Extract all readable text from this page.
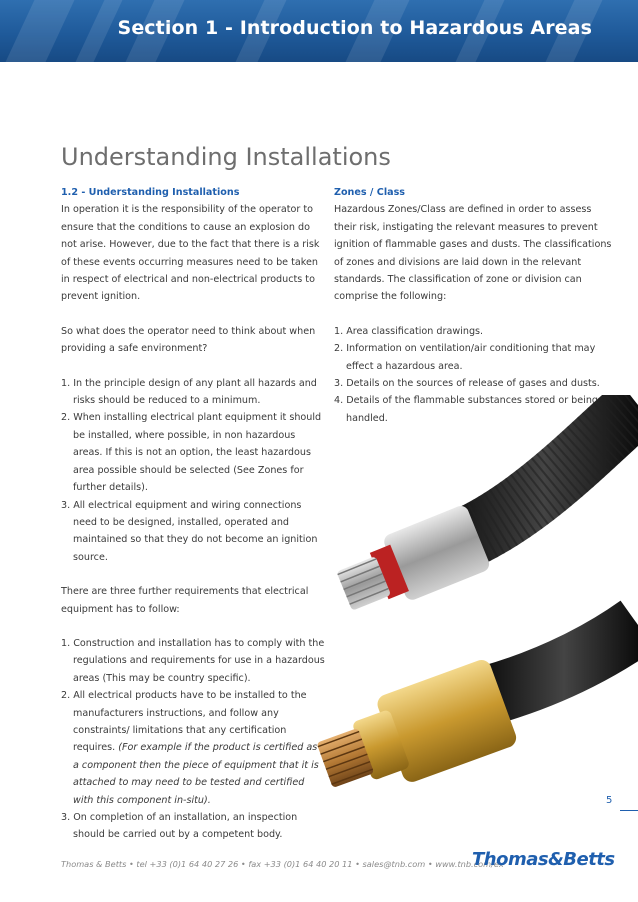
Section 1 - Introduction to Hazardous Areas
Understanding Installations

1.2 - Understanding Installations

In operation it is the responsibility of the operator to ensure that the conditions to cause an explosion do not arise. However, due to the fact that there is a risk of these events occurring measures need to be taken in respect of electrical and non-electrical products to prevent ignition.

So what does the operator need to think about when providing a safe environment?

1. In the principle design of any plant all hazards and risks should be reduced to a minimum.

2. When installing electrical plant equipment it should be installed, where possible, in non hazardous areas. If this is not an option, the least hazardous area possible should be selected (See Zones for further details).

3. All electrical equipment and wiring connections need to be designed, installed, operated and maintained so that they do not become an ignition source.

There are three further requirements that electrical equipment has to follow:

1. Construction and installation has to comply with the regulations and requirements for use in a hazardous areas (This may be country specific).

2. All electrical products have to be installed to the manufacturers instructions, and follow any constraints/ limitations that any certification requires. (For example if the product is certified as a component then the piece of equipment that it is attached to may need to be tested and certified with this component in-situ).

3. On completion of an installation, an inspection should be carried out by a competent body.

Zones / Class

Hazardous Zones/Class are defined in order to assess their risk, instigating the relevant measures to prevent ignition of flammable gases and dusts. The classifications of zones and divisions are laid down in the relevant standards. The classification of zone or division can comprise the following:

1. Area classification drawings.

2. Information on ventilation/air conditioning that may effect a hazardous area.

3. Details on the sources of release of gases and dusts.

4. Details of the flammable substances stored or being handled.

5
Thomas & Betts • tel +33 (0)1 64 40 27 26 • fax +33 (0)1 64 40 20 11 • sales@tnb.com • www.tnb.com/ex
Thomas&Betts
